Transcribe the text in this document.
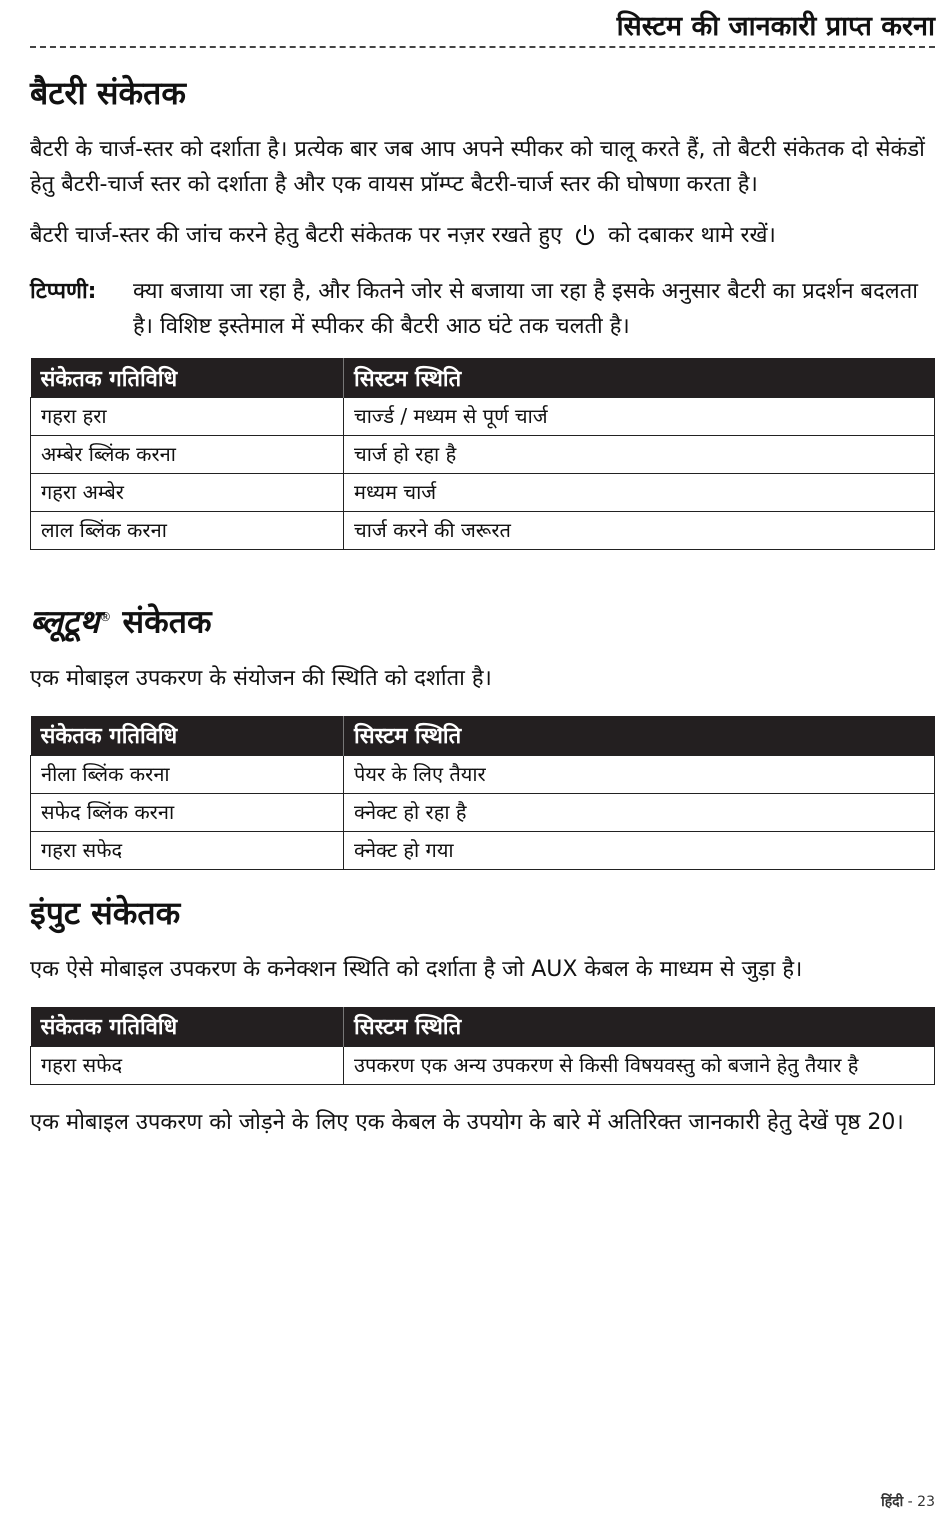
सिस्टम की जानकारी प्राप्त करना
बैटरी संकेतक

बैटरी के चार्ज-स्तर को दर्शाता है। प्रत्येक बार जब आप अपने स्पीकर को चालू करते हैं, तो बैटरी संकेतक दो सेकंडों हेतु बैटरी-चार्ज स्तर को दर्शाता है और एक वायस प्रॉम्प्ट बैटरी-चार्ज स्तर की घोषणा करता है।

बैटरी चार्ज-स्तर की जांच करने हेतु बैटरी संकेतक पर नज़र रखते हुए को दबाकर थामे रखें।

टिप्पणी:	क्या बजाया जा रहा है, और कितने जोर से बजाया जा रहा है इसके अनुसार बैटरी का प्रदर्शन बदलता है। विशिष्ट इस्तेमाल में स्पीकर की बैटरी आठ घंटे तक चलती है।
संकेतक गतिविधि	सिस्टम स्थिति
गहरा हरा	चार्ज्ड / मध्यम से पूर्ण चार्ज
अम्बेर ब्लिंक करना	चार्ज हो रहा है
गहरा अम्बेर	मध्यम चार्ज
लाल ब्लिंक करना	चार्ज करने की जरूरत
ब्लूटूथ® संकेतक

एक मोबाइल उपकरण के संयोजन की स्थिति को दर्शाता है।

संकेतक गतिविधि	सिस्टम स्थिति
नीला ब्लिंक करना	पेयर के लिए तैयार
सफेद ब्लिंक करना	क्नेक्ट हो रहा है
गहरा सफेद	क्नेक्ट हो गया
इंपुट संकेतक

एक ऐसे मोबाइल उपकरण के कनेक्शन स्थिति को दर्शाता है जो AUX केबल के माध्यम से जुड़ा है।

संकेतक गतिविधि	सिस्टम स्थिति
गहरा सफेद	उपकरण एक अन्य उपकरण से किसी विषयवस्तु को बजाने हेतु तैयार है

एक मोबाइल उपकरण को जोड़ने के लिए एक केबल के उपयोग के बारे में अतिरिक्त जानकारी हेतु देखें पृष्ठ 20।

हिंदी - 23
